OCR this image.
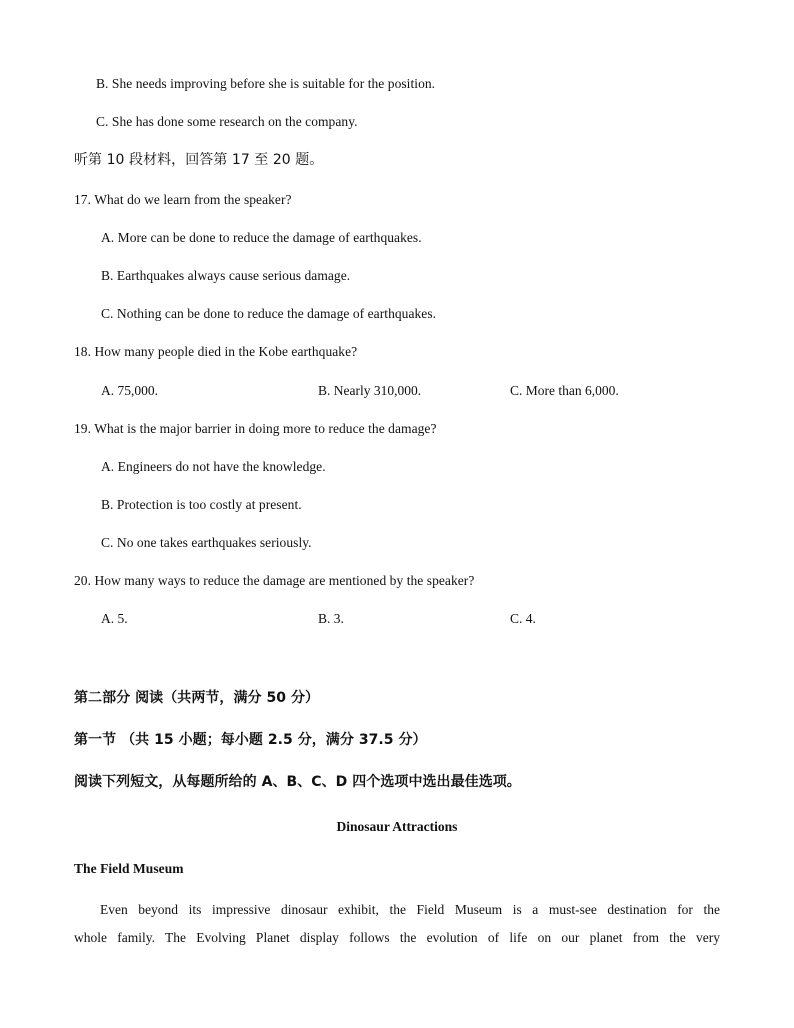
B. She needs improving before she is suitable for the position.
C. She has done some research on the company.
听第 10 段材料，回答第 17 至 20 题。
17. What do we learn from the speaker?
A. More can be done to reduce the damage of earthquakes.
B. Earthquakes always cause serious damage.
C. Nothing can be done to reduce the damage of earthquakes.
18. How many people died in the Kobe earthquake?
A. 75,000.	B. Nearly 310,000.	C. More than 6,000.
19. What is the major barrier in doing more to reduce the damage?
A. Engineers do not have the knowledge.
B. Protection is too costly at present.
C. No one takes earthquakes seriously.
20. How many ways to reduce the damage are mentioned by the speaker?
A. 5.	B. 3.	C. 4.
第二部分 阅读（共两节，满分 50 分）
第一节 （共 15 小题；每小题 2.5 分，满分 37.5 分）
阅读下列短文，从每题所给的 A、B、C、D 四个选项中选出最佳选项。
Dinosaur Attractions
The Field Museum
Even beyond its impressive dinosaur exhibit, the Field Museum is a must-see destination for the
whole family. The Evolving Planet display follows the evolution of life on our planet from the very
